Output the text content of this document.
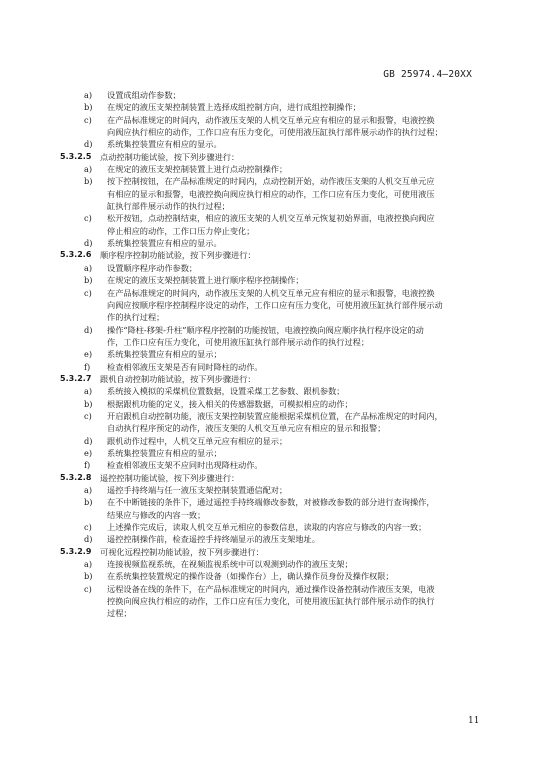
GB 25974.4—20XX
a) 设置成组动作参数；
b) 在规定的液压支架控制装置上选择成组控制方向，进行成组控制操作；
c) 在产品标准规定的时间内，动作液压支架的人机交互单元应有相应的显示和报警，电液控换
向阀应执行相应的动作，工作口应有压力变化，可使用液压缸执行部件展示动作的执行过程；
d) 系统集控装置应有相应的显示。
5.3.2.5 点动控制功能试验，按下列步骤进行：
a) 在规定的液压支架控制装置上进行点动控制操作；
b) 按下控制按钮，在产品标准规定的时间内，点动控制开始，动作液压支架的人机交互单元应
有相应的显示和报警，电液控换向阀应执行相应的动作，工作口应有压力变化，可使用液压
缸执行部件展示动作的执行过程；
c) 松开按钮，点动控制结束，相应的液压支架的人机交互单元恢复初始界面，电液控换向阀应
停止相应的动作，工作口压力停止变化；
d) 系统集控装置应有相应的显示。
5.3.2.6 顺序程序控制功能试验，按下列步骤进行：
a) 设置顺序程序动作参数；
b) 在规定的液压支架控制装置上进行顺序程序控制操作；
c) 在产品标准规定的时间内，动作液压支架的人机交互单元应有相应的显示和报警，电液控换
向阀应按顺序程序控制程序设定的动作，工作口应有压力变化，可使用液压缸执行部件展示动
作的执行过程；
d) 操作“降柱-移架-升柱”顺序程序控制的功能按钮，电液控换向阀应顺序执行程序设定的动
作，工作口应有压力变化，可使用液压缸执行部件展示动作的执行过程；
e) 系统集控装置应有相应的显示；
f) 检查相邻液压支架是否有同时降柱的动作。
5.3.2.7 跟机自动控制功能试验，按下列步骤进行：
a) 系统接入模拟的采煤机位置数据，设置采煤工艺参数、跟机参数；
b) 根据跟机功能的定义，接入相关的传感器数据，可模拟相应的动作；
c) 开启跟机自动控制功能，液压支架控制装置应能根据采煤机位置，在产品标准规定的时间内，
自动执行程序预定的动作，液压支架的人机交互单元应有相应的显示和报警；
d) 跟机动作过程中，人机交互单元应有相应的显示；
e) 系统集控装置应有相应的显示；
f) 检查相邻液压支架不应同时出现降柱动作。
5.3.2.8 遥控控制功能试验，按下列步骤进行：
a) 遥控手持终端与任一液压支架控制装置通信配对；
b) 在不中断链接的条件下，通过遥控手持终端修改参数，对被修改参数的部分进行查询操作，
结果应与修改的内容一致；
c) 上述操作完成后，读取人机交互单元相应的参数信息，读取的内容应与修改的内容一致；
d) 遥控控制操作前，检查遥控手持终端显示的液压支架地址。
5.3.2.9 可视化远程控制功能试验，按下列步骤进行：
a) 连接视频监视系统，在视频监视系统中可以观测到动作的液压支架；
b) 在系统集控装置规定的操作设备（如操作台）上，确认操作员身份及操作权限；
c) 远程设备在线的条件下，在产品标准规定的时间内，通过操作设备控制动作液压支架，电液
控换向阀应执行相应的动作，工作口应有压力变化，可使用液压缸执行部件展示动作的执行
过程；
11
